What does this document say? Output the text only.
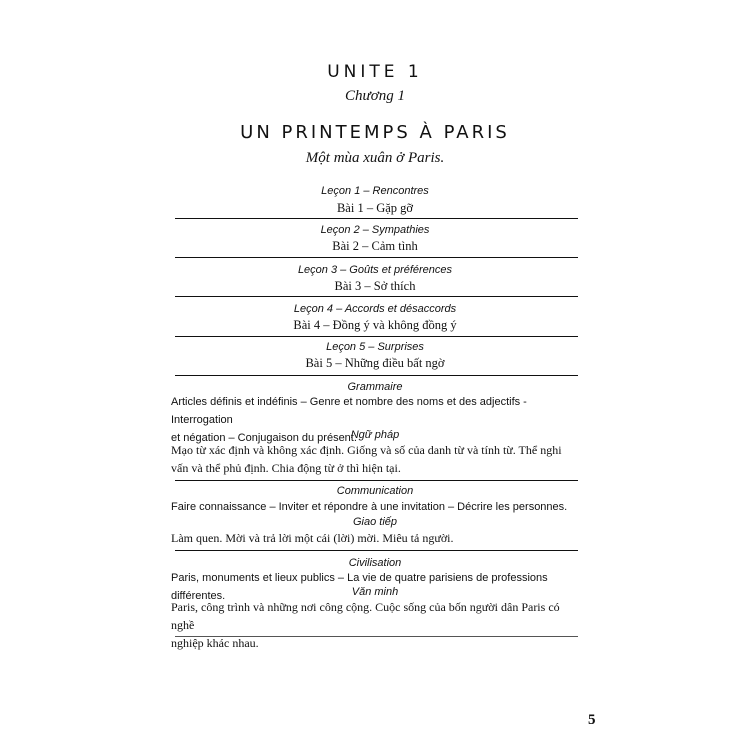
UNITE 1
Chương 1
UN PRINTEMPS À PARIS
Một mùa xuân ở Paris.
Leçon 1 – Rencontres
Bài 1 – Gặp gỡ
Leçon 2 – Sympathies
Bài 2 – Cảm tình
Leçon 3 – Goûts et préférences
Bài 3 – Sở thích
Leçon 4 – Accords et désaccords
Bài 4 – Đồng ý và không đồng ý
Leçon 5 – Surprises
Bài 5 – Những điều bất ngờ
Grammaire
Articles définis et indéfinis – Genre et nombre des noms et des adjectifs - Interrogation
et négation – Conjugaison du présent.
Ngữ pháp
Mạo từ xác định và không xác định. Giống và số của danh từ và tính từ. Thể nghi
vấn và thể phủ định. Chia động từ ở thì hiện tại.
Communication
Faire connaissance – Inviter et répondre à une invitation – Décrire les personnes.
Giao tiếp
Làm quen. Mời và trả lời một cái (lời) mời. Miêu tả người.
Civilisation
Paris, monuments et lieux publics – La vie de quatre parisiens de professions différentes.	Văn minh
Paris, công trình và những nơi công cộng. Cuộc sống của bốn người dân Paris có nghề
nghiệp khác nhau.
5
